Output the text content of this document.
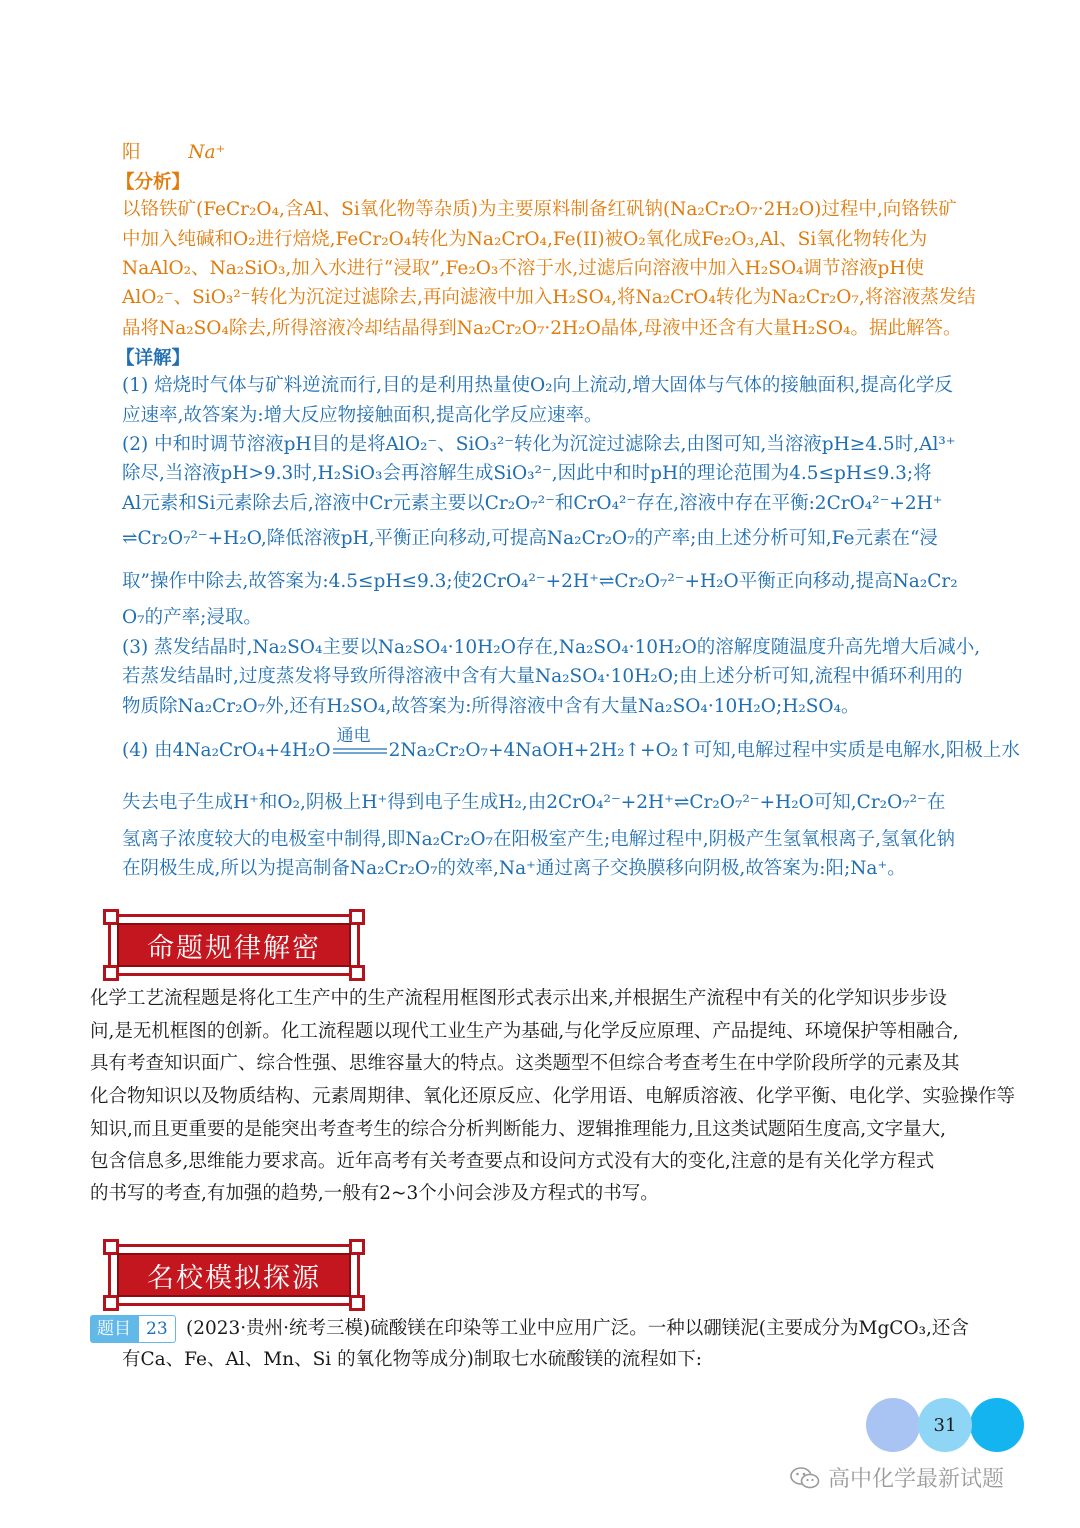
阳	Na⁺
【分析】
以铬铁矿(FeCr₂O₄,含Al、Si氧化物等杂质)为主要原料制备红矾钠(Na₂Cr₂O₇·2H₂O)过程中,向铬铁矿
中加入纯碱和O₂进行焙烧,FeCr₂O₄转化为Na₂CrO₄,Fe(II)被O₂氧化成Fe₂O₃,Al、Si氧化物转化为
NaAlO₂、Na₂SiO₃,加入水进行“浸取”,Fe₂O₃不溶于水,过滤后向溶液中加入H₂SO₄调节溶液pH使
AlO₂⁻、SiO₃²⁻转化为沉淀过滤除去,再向滤液中加入H₂SO₄,将Na₂CrO₄转化为Na₂Cr₂O₇,将溶液蒸发结
晶将Na₂SO₄除去,所得溶液冷却结晶得到Na₂Cr₂O₇·2H₂O晶体,母液中还含有大量H₂SO₄。据此解答。
【详解】
(1) 焙烧时气体与矿料逆流而行,目的是利用热量使O₂向上流动,增大固体与气体的接触面积,提高化学反
应速率,故答案为:增大反应物接触面积,提高化学反应速率。
(2) 中和时调节溶液pH目的是将AlO₂⁻、SiO₃²⁻转化为沉淀过滤除去,由图可知,当溶液pH≥4.5时,Al³⁺
除尽,当溶液pH>9.3时,H₂SiO₃会再溶解生成SiO₃²⁻,因此中和时pH的理论范围为4.5≤pH≤9.3;将
Al元素和Si元素除去后,溶液中Cr元素主要以Cr₂O₇²⁻和CrO₄²⁻存在,溶液中存在平衡:2CrO₄²⁻+2H⁺
⇌Cr₂O₇²⁻+H₂O,降低溶液pH,平衡正向移动,可提高Na₂Cr₂O₇的产率;由上述分析可知,Fe元素在“浸
取”操作中除去,故答案为:4.5≤pH≤9.3;使2CrO₄²⁻+2H⁺⇌Cr₂O₇²⁻+H₂O平衡正向移动,提高Na₂Cr₂
O₇的产率;浸取。
(3) 蒸发结晶时,Na₂SO₄主要以Na₂SO₄·10H₂O存在,Na₂SO₄·10H₂O的溶解度随温度升高先增大后减小,
若蒸发结晶时,过度蒸发将导致所得溶液中含有大量Na₂SO₄·10H₂O;由上述分析可知,流程中循环利用的
物质除Na₂Cr₂O₇外,还有H₂SO₄,故答案为:所得溶液中含有大量Na₂SO₄·10H₂O;H₂SO₄。
(4) 由4Na₂CrO₄+4H₂O
通电
2Na₂Cr₂O₇+4NaOH+2H₂↑+O₂↑可知,电解过程中实质是电解水,阳极上水
失去电子生成H⁺和O₂,阴极上H⁺得到电子生成H₂,由2CrO₄²⁻+2H⁺⇌Cr₂O₇²⁻+H₂O可知,Cr₂O₇²⁻在
氢离子浓度较大的电极室中制得,即Na₂Cr₂O₇在阳极室产生;电解过程中,阴极产生氢氧根离子,氢氧化钠
在阴极生成,所以为提高制备Na₂Cr₂O₇的效率,Na⁺通过离子交换膜移向阴极,故答案为:阳;Na⁺。
命题规律解密
化学工艺流程题是将化工生产中的生产流程用框图形式表示出来,并根据生产流程中有关的化学知识步步设
问,是无机框图的创新。化工流程题以现代工业生产为基础,与化学反应原理、产品提纯、环境保护等相融合,
具有考查知识面广、综合性强、思维容量大的特点。这类题型不但综合考查考生在中学阶段所学的元素及其
化合物知识以及物质结构、元素周期律、氧化还原反应、化学用语、电解质溶液、化学平衡、电化学、实验操作等
知识,而且更重要的是能突出考查考生的综合分析判断能力、逻辑推理能力,且这类试题陌生度高,文字量大,
包含信息多,思维能力要求高。近年高考有关考查要点和设问方式没有大的变化,注意的是有关化学方程式
的书写的考查,有加强的趋势,一般有2~3个小问会涉及方程式的书写。
名校模拟探源
题目 23 (2023·贵州·统考三模)硫酸镁在印染等工业中应用广泛。一种以硼镁泥(主要成分为MgCO₃,还含
有Ca、Fe、Al、Mn、Si 的氧化物等成分)制取七水硫酸镁的流程如下:
31
高中化学最新试题
